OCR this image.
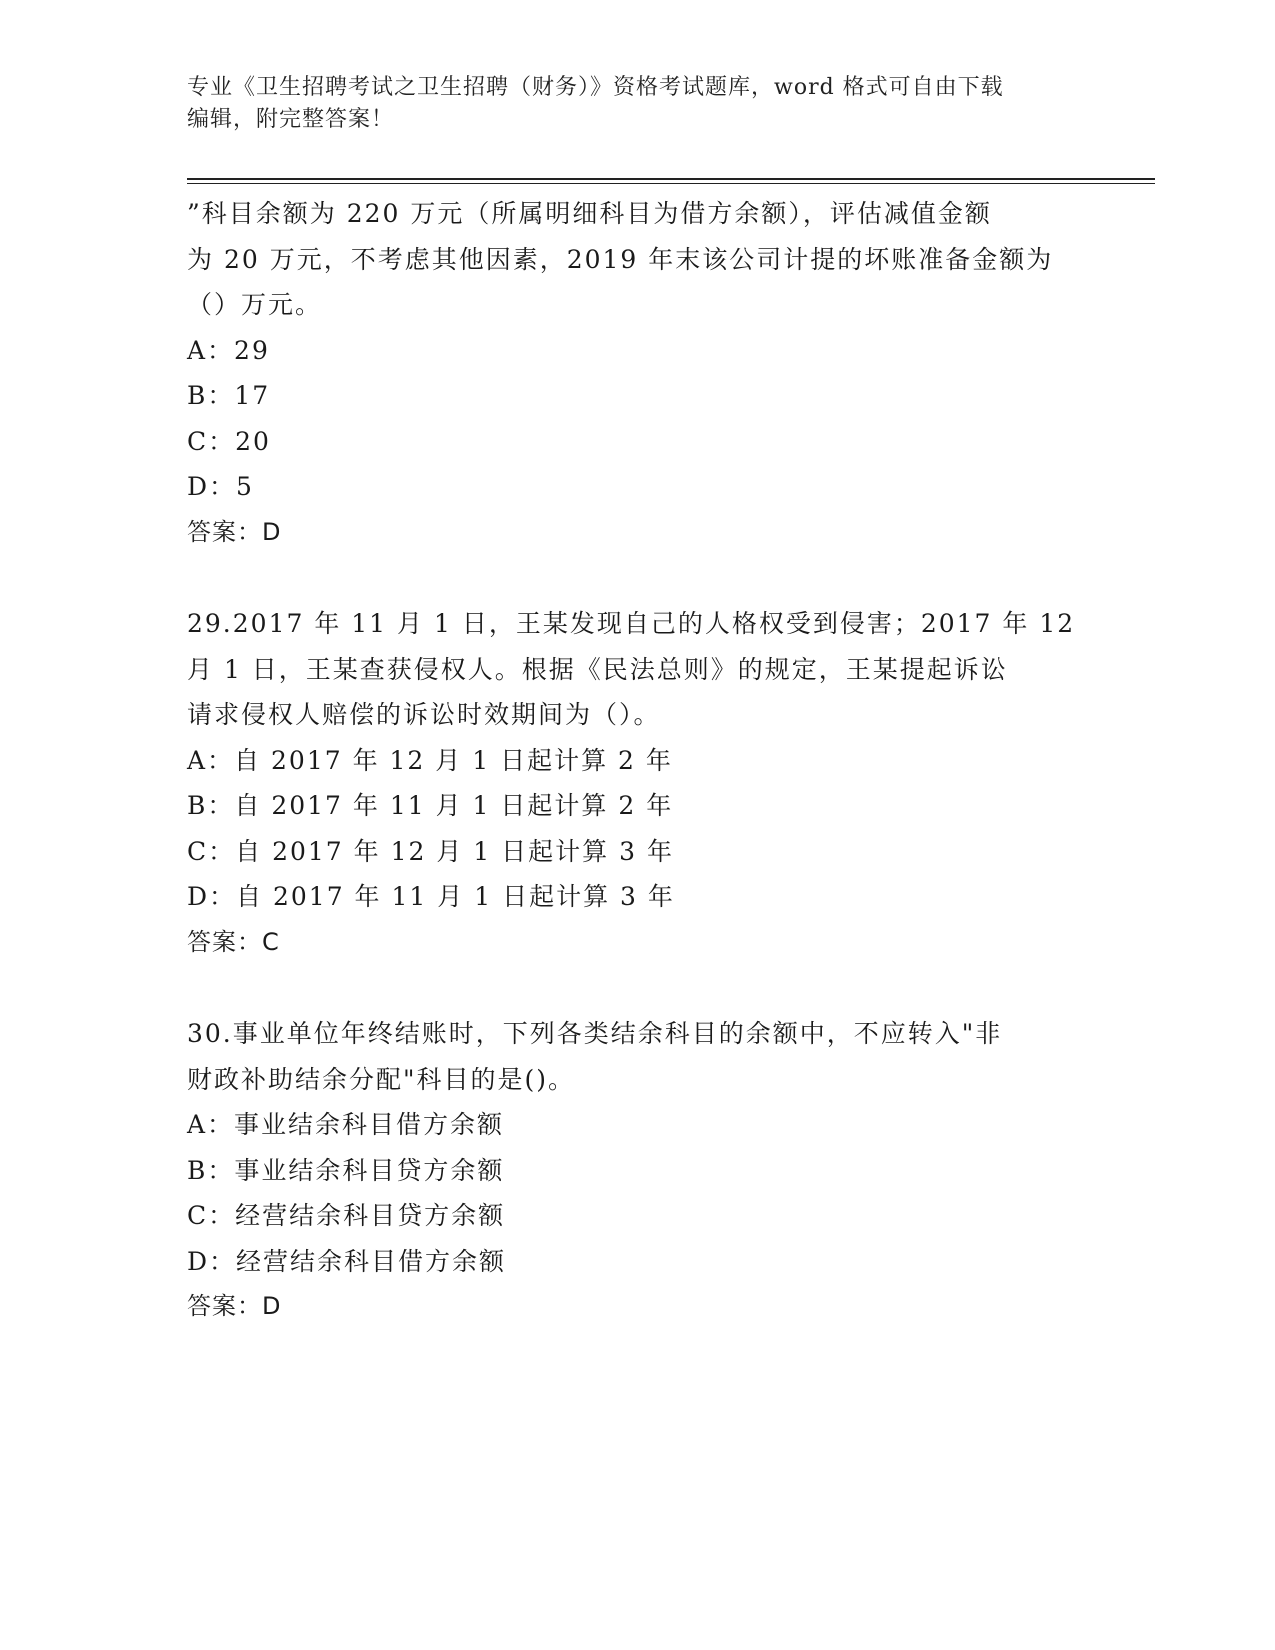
专业《卫生招聘考试之卫生招聘（财务）》资格考试题库，word 格式可自由下载
编辑，附完整答案！
”科目余额为 220 万元（所属明细科目为借方余额），评估减值金额
为 20 万元，不考虑其他因素，2019 年末该公司计提的坏账准备金额为
（）万元。
A：29
B：17
C：20
D：5
答案：D
29.2017 年 11 月 1 日，王某发现自己的人格权受到侵害；2017 年 12
月 1 日，王某查获侵权人。根据《民法总则》的规定，王某提起诉讼
请求侵权人赔偿的诉讼时效期间为（）。
A：自 2017 年 12 月 1 日起计算 2 年
B：自 2017 年 11 月 1 日起计算 2 年
C：自 2017 年 12 月 1 日起计算 3 年
D：自 2017 年 11 月 1 日起计算 3 年
答案：C
30.事业单位年终结账时，下列各类结余科目的余额中，不应转入"非
财政补助结余分配"科目的是()。
A：事业结余科目借方余额
B：事业结余科目贷方余额
C：经营结余科目贷方余额
D：经营结余科目借方余额
答案：D
